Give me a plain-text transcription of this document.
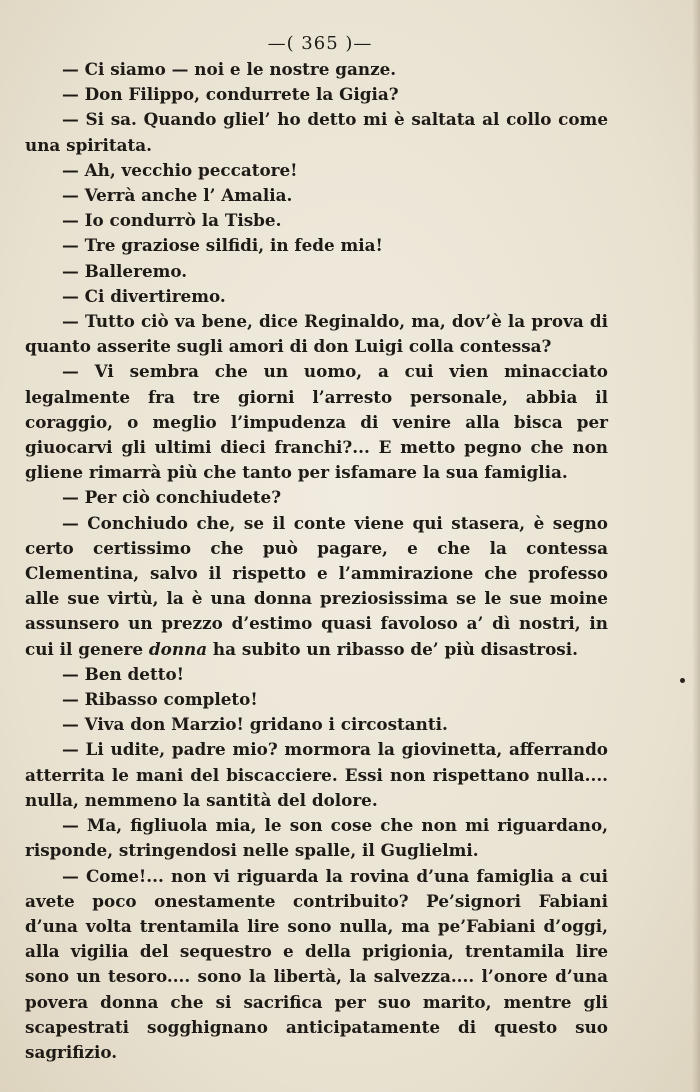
—( 365 )—

— Ci siamo — noi e le nostre ganze.

— Don Filippo, condurrete la Gigia?

— Si sa. Quando gliel’ ho detto mi è saltata al collo come una spiritata.

— Ah, vecchio peccatore!

— Verrà anche l’ Amalia.

— Io condurrò la Tisbe.

— Tre graziose silfidi, in fede mia!

— Balleremo.

— Ci divertiremo.

— Tutto ciò va bene, dice Reginaldo, ma, dov’è la prova di quanto asserite sugli amori di don Luigi colla contessa?

— Vi sembra che un uomo, a cui vien minacciato legalmente fra tre giorni l’arresto personale, abbia il coraggio, o meglio l’impudenza di venire alla bisca per giuocarvi gli ultimi dieci franchi?... E metto pegno che non gliene rimarrà più che tanto per isfamare la sua famiglia.

— Per ciò conchiudete?

— Conchiudo che, se il conte viene qui stasera, è segno certo certissimo che può pagare, e che la contessa Clementina, salvo il rispetto e l’ammirazione che professo alle sue virtù, la è una donna preziosissima se le sue moine assunsero un prezzo d’estimo quasi favoloso a’ dì nostri, in cui il genere donna ha subito un ribasso de’ più disastrosi.

— Ben detto!

— Ribasso completo!

— Viva don Marzio! gridano i circostanti.

— Li udite, padre mio? mormora la giovinetta, afferrando atterrita le mani del biscacciere. Essi non rispettano nulla.... nulla, nemmeno la santità del dolore.

— Ma, figliuola mia, le son cose che non mi riguardano, risponde, stringendosi nelle spalle, il Guglielmi.

— Come!... non vi riguarda la rovina d’una famiglia a cui avete poco onestamente contribuito? Pe’signori Fabiani d’una volta trentamila lire sono nulla, ma pe’Fabiani d’oggi, alla vigilia del sequestro e della prigionia, trentamila lire sono un tesoro.... sono la libertà, la salvezza.... l’onore d’una povera donna che si sacrifica per suo marito, mentre gli scapestrati sogghignano anticipatamente di questo suo sagrifizio.
